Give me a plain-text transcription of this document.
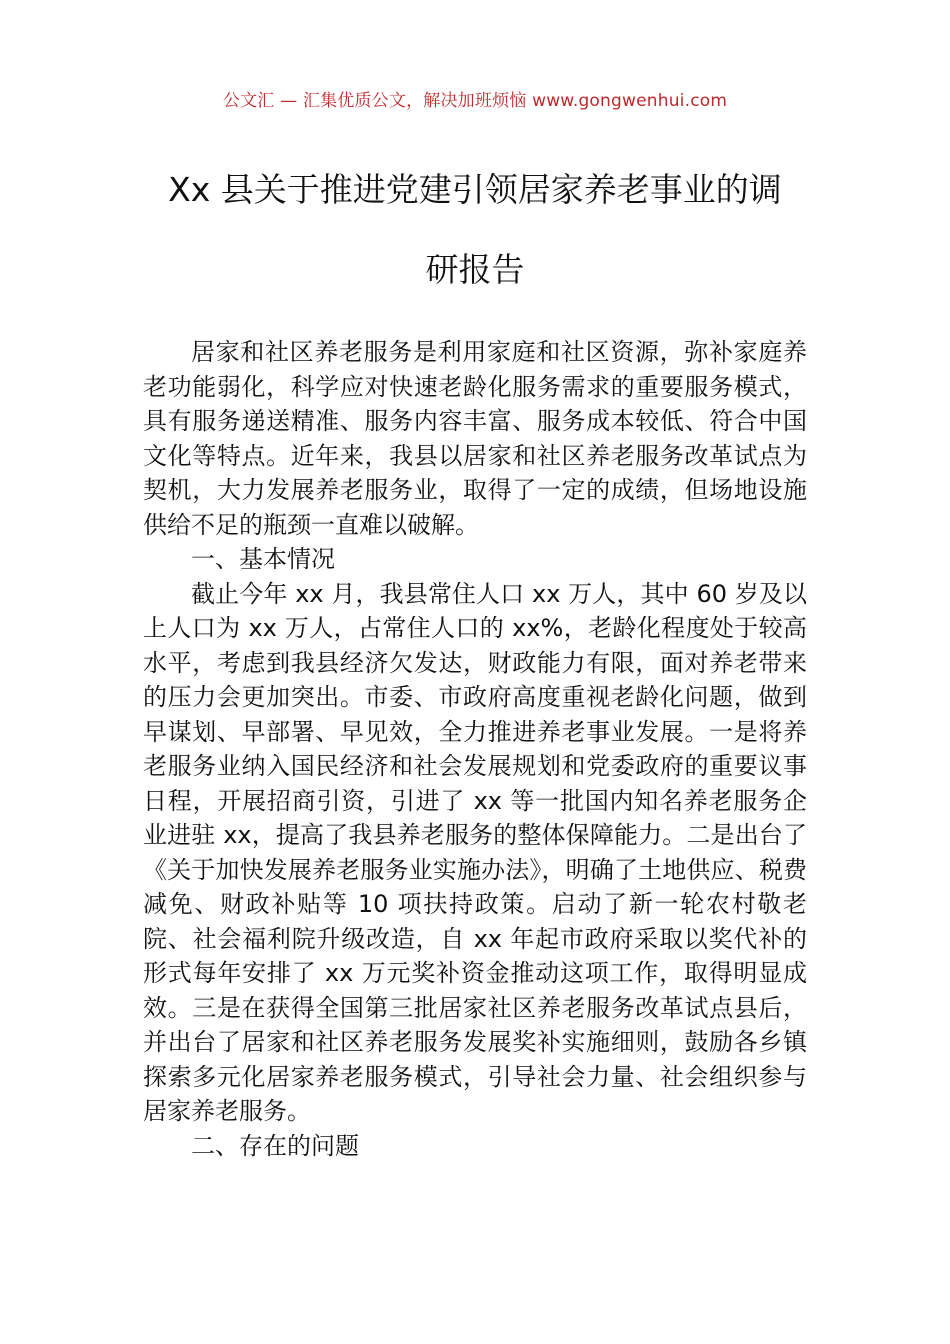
公文汇 — 汇集优质公文，解决加班烦恼 www.gongwenhui.com
Xx 县关于推进党建引领居家养老事业的调
研报告

居家和社区养老服务是利用家庭和社区资源，弥补家庭养老功能弱化，科学应对快速老龄化服务需求的重要服务模式，具有服务递送精准、服务内容丰富、服务成本较低、符合中国文化等特点。近年来，我县以居家和社区养老服务改革试点为契机，大力发展养老服务业，取得了一定的成绩，但场地设施供给不足的瓶颈一直难以破解。

一、基本情况

截止今年 xx 月，我县常住人口 xx 万人，其中 60 岁及以上人口为 xx 万人，占常住人口的 xx%，老龄化程度处于较高水平，考虑到我县经济欠发达，财政能力有限，面对养老带来的压力会更加突出。市委、市政府高度重视老龄化问题，做到早谋划、早部署、早见效，全力推进养老事业发展。一是将养老服务业纳入国民经济和社会发展规划和党委政府的重要议事日程，开展招商引资，引进了 xx 等一批国内知名养老服务企业进驻 xx，提高了我县养老服务的整体保障能力。二是出台了《关于加快发展养老服务业实施办法》，明确了土地供应、税费减免、财政补贴等 10 项扶持政策。启动了新一轮农村敬老院、社会福利院升级改造，自 xx 年起市政府采取以奖代补的形式每年安排了 xx 万元奖补资金推动这项工作，取得明显成效。三是在获得全国第三批居家社区养老服务改革试点县后，并出台了居家和社区养老服务发展奖补实施细则，鼓励各乡镇探索多元化居家养老服务模式，引导社会力量、社会组织参与居家养老服务。

二、存在的问题
